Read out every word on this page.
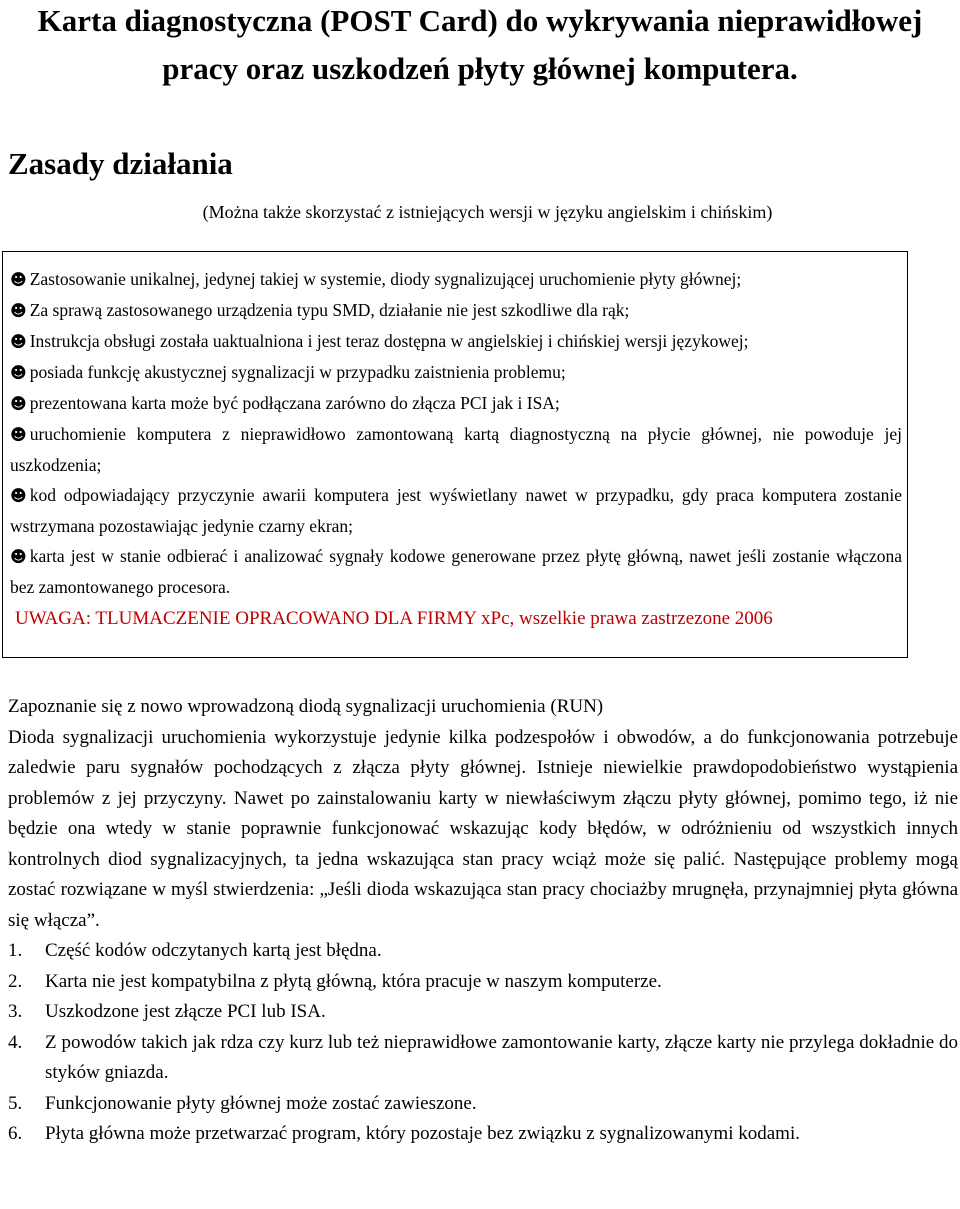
Karta diagnostyczna (POST Card) do wykrywania nieprawidłowej pracy oraz uszkodzeń płyty głównej komputera.
Zasady działania
(Można także skorzystać z istniejących wersji w języku angielskim i chińskim)
☻ Zastosowanie unikalnej, jedynej takiej w systemie, diody sygnalizującej uruchomienie płyty głównej;
☻ Za sprawą zastosowanego urządzenia typu SMD, działanie nie jest szkodliwe dla rąk;
☻ Instrukcja obsługi została uaktualniona i jest teraz dostępna w angielskiej i chińskiej wersji językowej;
☻ posiada funkcję akustycznej sygnalizacji w przypadku zaistnienia problemu;
☻ prezentowana karta może być podłączana zarówno do złącza PCI jak i ISA;
☻ uruchomienie komputera z nieprawidłowo zamontowaną kartą diagnostyczną na płycie głównej, nie powoduje jej uszkodzenia;
☻ kod odpowiadający przyczynie awarii komputera jest wyświetlany nawet w przypadku, gdy praca komputera zostanie wstrzymana pozostawiając jedynie czarny ekran;
☻ karta jest w stanie odbierać i analizować sygnały kodowe generowane przez płytę główną, nawet jeśli zostanie włączona bez zamontowanego procesora.
UWAGA: TLUMACZENIE OPRACOWANO DLA FIRMY xPc, wszelkie prawa zastrzezone 2006

Zapoznanie się z nowo wprowadzoną diodą sygnalizacji uruchomienia (RUN)

Dioda sygnalizacji uruchomienia wykorzystuje jedynie kilka podzespołów i obwodów, a do funkcjonowania potrzebuje zaledwie paru sygnałów pochodzących z złącza płyty głównej. Istnieje niewielkie prawdopodobieństwo wystąpienia problemów z jej przyczyny. Nawet po zainstalowaniu karty w niewłaściwym złączu płyty głównej, pomimo tego, iż nie będzie ona wtedy w stanie poprawnie funkcjonować wskazując kody błędów, w odróżnieniu od wszystkich innych kontrolnych diod sygnalizacyjnych, ta jedna wskazująca stan pracy wciąż może się palić. Następujące problemy mogą zostać rozwiązane w myśl stwierdzenia: „Jeśli dioda wskazująca stan pracy chociażby mrugnęła, przynajmniej płyta główna się włącza”.

1. Część kodów odczytanych kartą jest błędna.
2. Karta nie jest kompatybilna z płytą główną, która pracuje w naszym komputerze.
3. Uszkodzone jest złącze PCI lub ISA.
4. Z powodów takich jak rdza czy kurz lub też nieprawidłowe zamontowanie karty, złącze karty nie przylega dokładnie do styków gniazda.
5. Funkcjonowanie płyty głównej może zostać zawieszone.
6. Płyta główna może przetwarzać program, który pozostaje bez związku z sygnalizowanymi kodami.
